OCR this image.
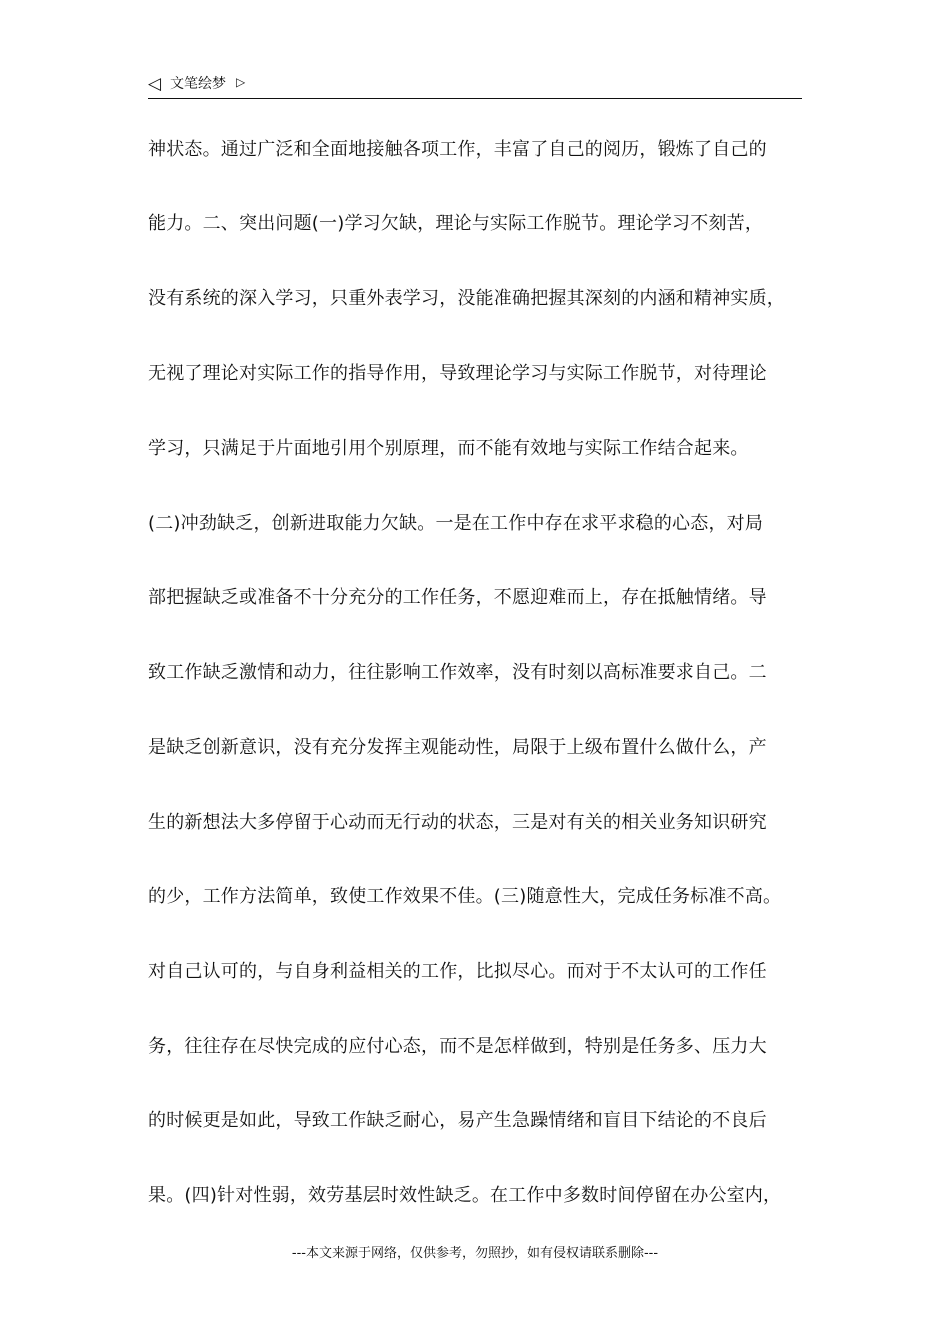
◁ 文笔绘梦 ▷
神状态。通过广泛和全面地接触各项工作，丰富了自己的阅历，锻炼了自己的
能力。二、突出问题(一)学习欠缺，理论与实际工作脱节。理论学习不刻苦，
没有系统的深入学习，只重外表学习，没能准确把握其深刻的内涵和精神实质，
无视了理论对实际工作的指导作用，导致理论学习与实际工作脱节，对待理论
学习，只满足于片面地引用个别原理，而不能有效地与实际工作结合起来。
(二)冲劲缺乏，创新进取能力欠缺。一是在工作中存在求平求稳的心态，对局
部把握缺乏或准备不十分充分的工作任务，不愿迎难而上，存在抵触情绪。导
致工作缺乏激情和动力，往往影响工作效率，没有时刻以高标准要求自己。二
是缺乏创新意识，没有充分发挥主观能动性，局限于上级布置什么做什么，产
生的新想法大多停留于心动而无行动的状态，三是对有关的相关业务知识研究
的少，工作方法简单，致使工作效果不佳。(三)随意性大，完成任务标准不高。
对自己认可的，与自身利益相关的工作，比拟尽心。而对于不太认可的工作任
务，往往存在尽快完成的应付心态，而不是怎样做到，特别是任务多、压力大
的时候更是如此，导致工作缺乏耐心，易产生急躁情绪和盲目下结论的不良后
果。(四)针对性弱，效劳基层时效性缺乏。在工作中多数时间停留在办公室内，
---本文来源于网络，仅供参考，勿照抄，如有侵权请联系删除---
